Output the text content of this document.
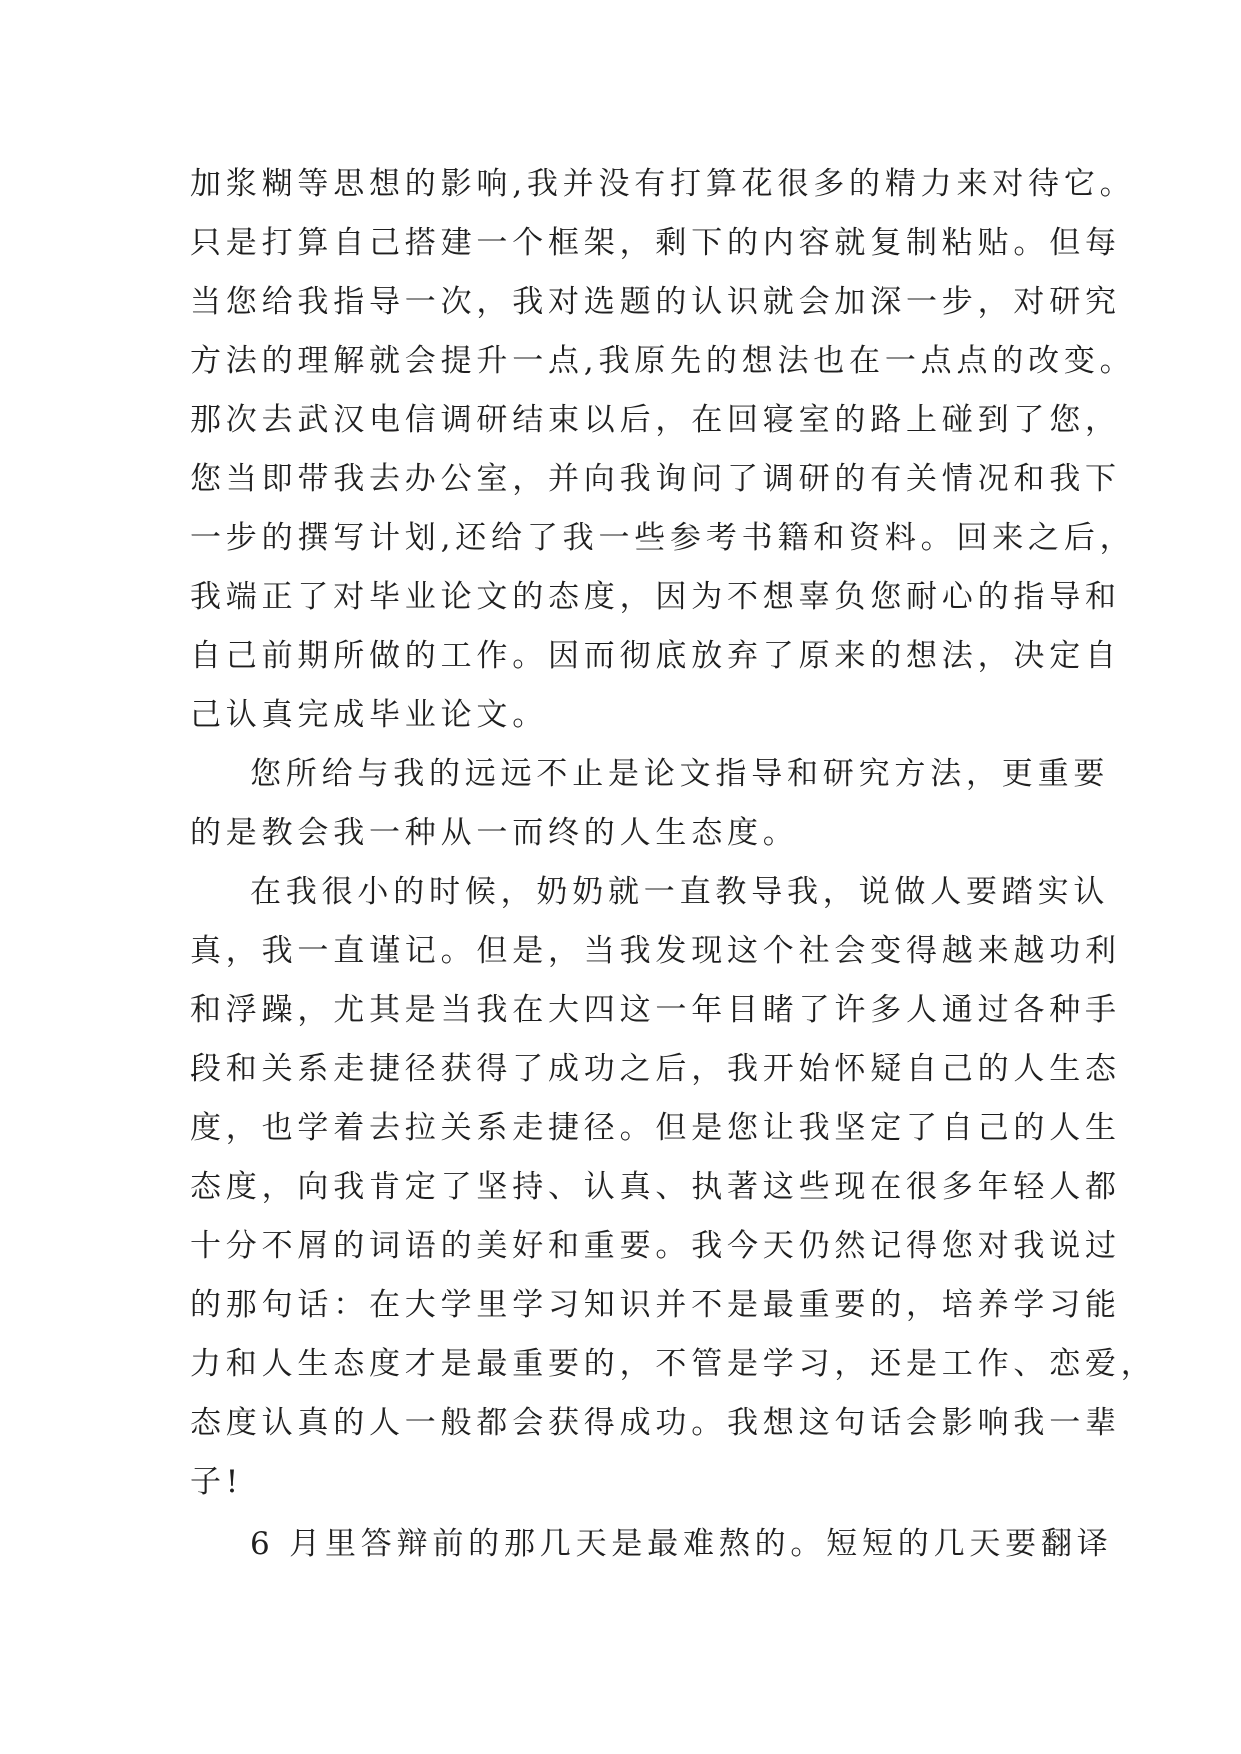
加浆糊等思想的影响,我并没有打算花很多的精力来对待它。
只是打算自己搭建一个框架，剩下的内容就复制粘贴。但每
当您给我指导一次，我对选题的认识就会加深一步，对研究
方法的理解就会提升一点,我原先的想法也在一点点的改变。
那次去武汉电信调研结束以后，在回寝室的路上碰到了您，
您当即带我去办公室，并向我询问了调研的有关情况和我下
一步的撰写计划,还给了我一些参考书籍和资料。回来之后，
我端正了对毕业论文的态度，因为不想辜负您耐心的指导和
自己前期所做的工作。因而彻底放弃了原来的想法，决定自
己认真完成毕业论文。
您所给与我的远远不止是论文指导和研究方法，更重要
的是教会我一种从一而终的人生态度。
在我很小的时候，奶奶就一直教导我，说做人要踏实认
真，我一直谨记。但是，当我发现这个社会变得越来越功利
和浮躁，尤其是当我在大四这一年目睹了许多人通过各种手
段和关系走捷径获得了成功之后，我开始怀疑自己的人生态
度，也学着去拉关系走捷径。但是您让我坚定了自己的人生
态度，向我肯定了坚持、认真、执著这些现在很多年轻人都
十分不屑的词语的美好和重要。我今天仍然记得您对我说过
的那句话：在大学里学习知识并不是最重要的，培养学习能
力和人生态度才是最重要的，不管是学习，还是工作、恋爱，
态度认真的人一般都会获得成功。我想这句话会影响我一辈
子!
6 月里答辩前的那几天是最难熬的。短短的几天要翻译
